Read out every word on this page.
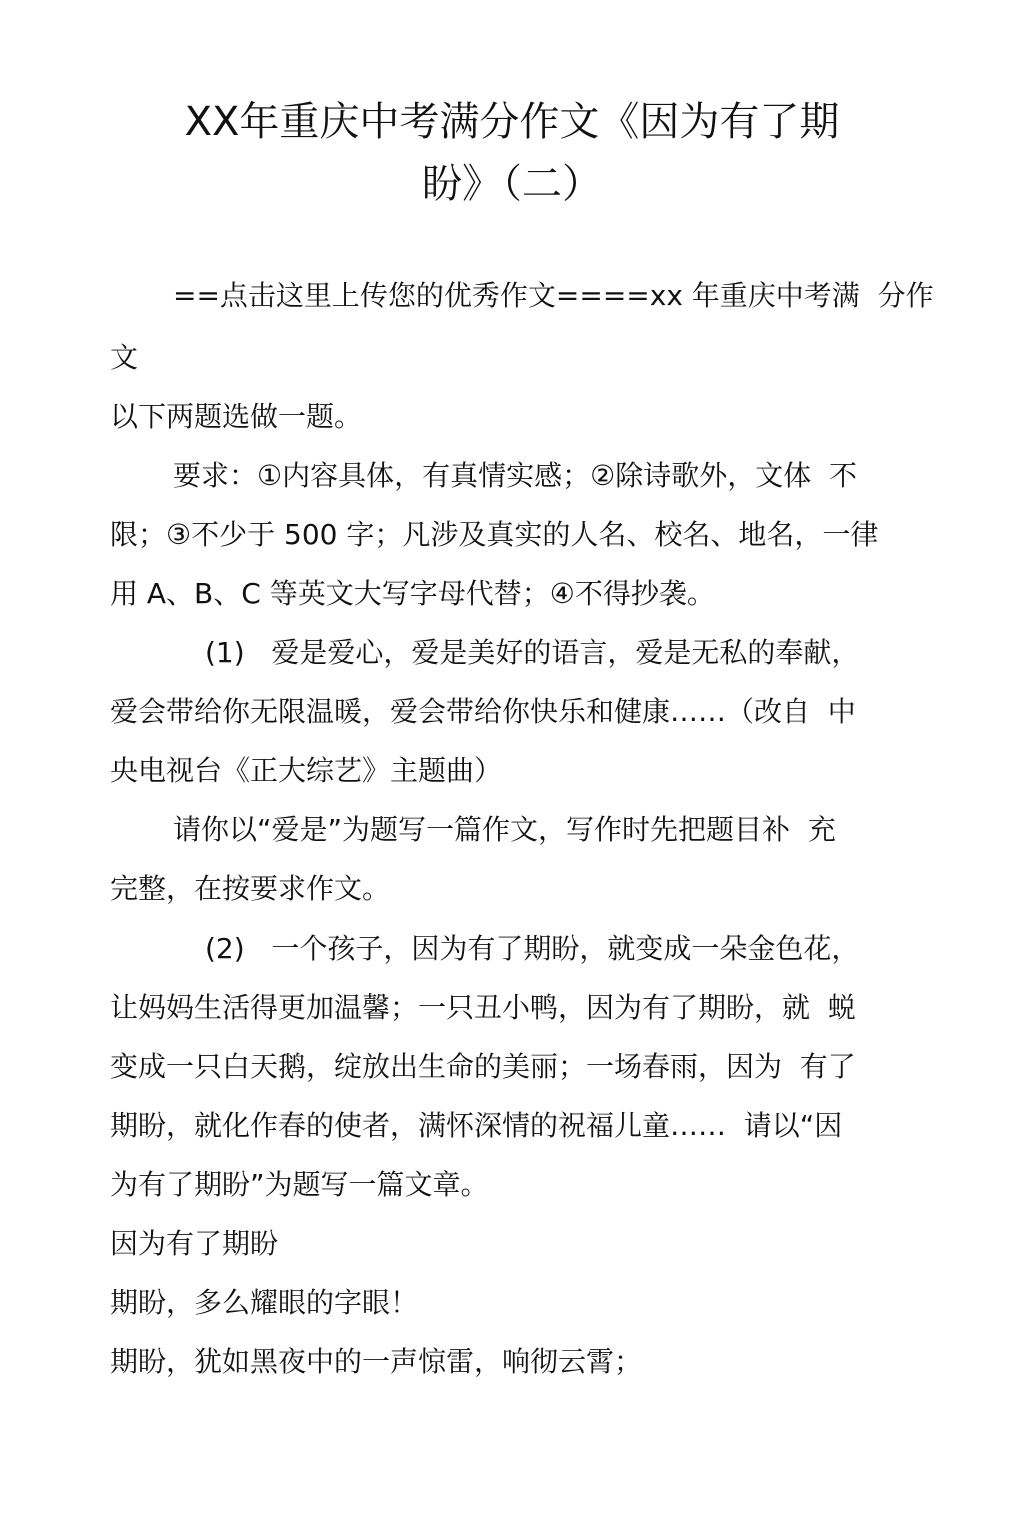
XX年重庆中考满分作文《因为有了期
盼》（二）

==点击这里上传您的优秀作文====xx 年重庆中考满  分作

文

以下两题选做一题。

要求：①内容具体，有真情实感；②除诗歌外，文体  不

限；③不少于 500 字；凡涉及真实的人名、校名、地名，一律

用 A、B、C 等英文大写字母代替；④不得抄袭。

(1)   爱是爱心，爱是美好的语言，爱是无私的奉献，

爱会带给你无限温暖，爱会带给你快乐和健康……（改自  中

央电视台《正大综艺》主题曲）

请你以“爱是”为题写一篇作文，写作时先把题目补  充

完整，在按要求作文。

(2)   一个孩子，因为有了期盼，就变成一朵金色花，

让妈妈生活得更加温馨；一只丑小鸭，因为有了期盼，就  蜕

变成一只白天鹅，绽放出生命的美丽；一场春雨，因为  有了

期盼，就化作春的使者，满怀深情的祝福儿童……  请以“因

为有了期盼”为题写一篇文章。

因为有了期盼

期盼，多么耀眼的字眼！

期盼，犹如黑夜中的一声惊雷，响彻云霄；
